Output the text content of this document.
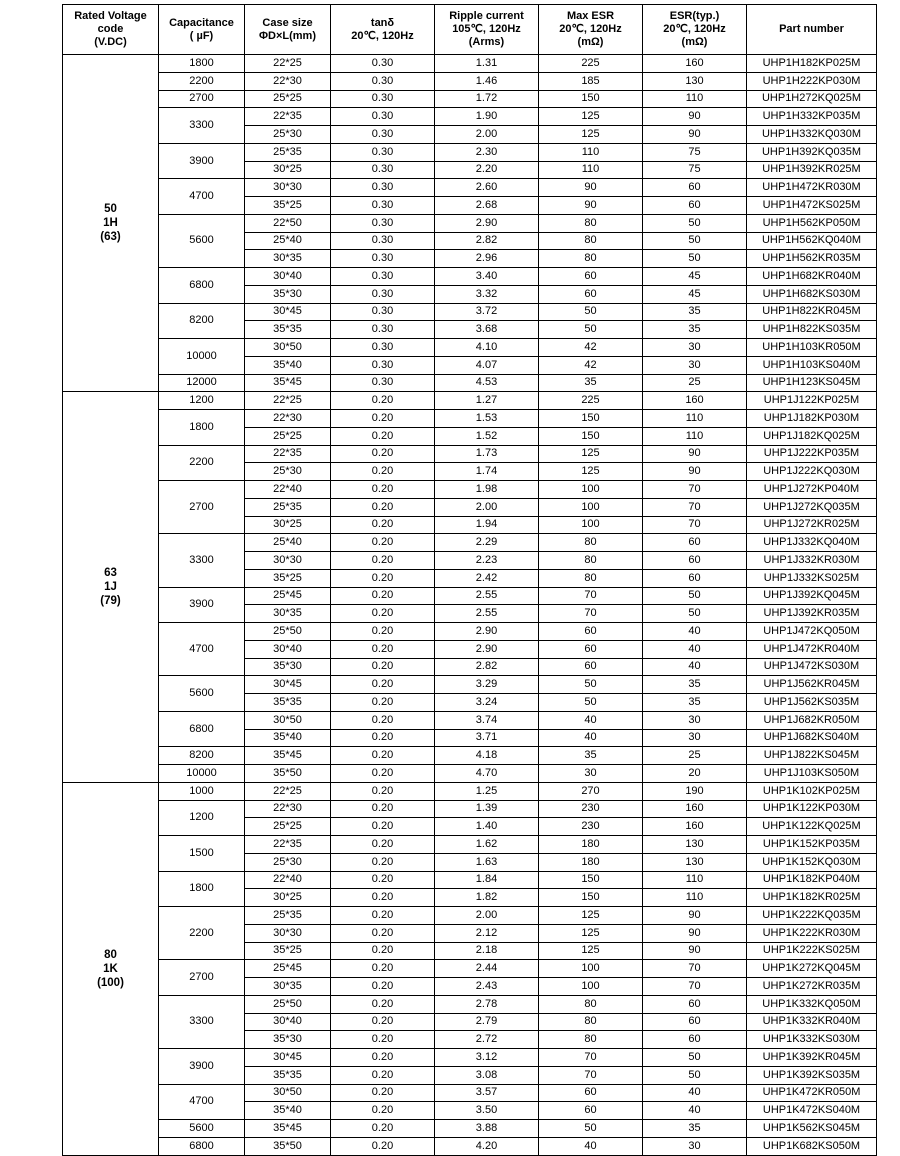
Rated Voltage
code
(V.DC)	Capacitance
( µF)	Case size
ΦD×L(mm)	tanδ
20℃, 120Hz	Ripple current
105℃, 120Hz
(Arms)	Max ESR
20℃, 120Hz
(mΩ)	ESR(typ.)
20℃, 120Hz
(mΩ)	Part number

50
1H
(63)	1800	22*25	0.30	1.31	225	160	UHP1H182KP025M
	2200	22*30	0.30	1.46	185	130	UHP1H222KP030M
	2700	25*25	0.30	1.72	150	110	UHP1H272KQ025M
	3300	22*35	0.30	1.90	125	90	UHP1H332KP035M
		25*30	0.30	2.00	125	90	UHP1H332KQ030M
	3900	25*35	0.30	2.30	110	75	UHP1H392KQ035M
		30*25	0.30	2.20	110	75	UHP1H392KR025M
	4700	30*30	0.30	2.60	90	60	UHP1H472KR030M
		35*25	0.30	2.68	90	60	UHP1H472KS025M
	5600	22*50	0.30	2.90	80	50	UHP1H562KP050M
		25*40	0.30	2.82	80	50	UHP1H562KQ040M
		30*35	0.30	2.96	80	50	UHP1H562KR035M
	6800	30*40	0.30	3.40	60	45	UHP1H682KR040M
		35*30	0.30	3.32	60	45	UHP1H682KS030M
	8200	30*45	0.30	3.72	50	35	UHP1H822KR045M
		35*35	0.30	3.68	50	35	UHP1H822KS035M
	10000	30*50	0.30	4.10	42	30	UHP1H103KR050M
		35*40	0.30	4.07	42	30	UHP1H103KS040M
	12000	35*45	0.30	4.53	35	25	UHP1H123KS045M

63
1J
(79)	1200	22*25	0.20	1.27	225	160	UHP1J122KP025M
	1800	22*30	0.20	1.53	150	110	UHP1J182KP030M
		25*25	0.20	1.52	150	110	UHP1J182KQ025M
	2200	22*35	0.20	1.73	125	90	UHP1J222KP035M
		25*30	0.20	1.74	125	90	UHP1J222KQ030M
	2700	22*40	0.20	1.98	100	70	UHP1J272KP040M
		25*35	0.20	2.00	100	70	UHP1J272KQ035M
		30*25	0.20	1.94	100	70	UHP1J272KR025M
	3300	25*40	0.20	2.29	80	60	UHP1J332KQ040M
		30*30	0.20	2.23	80	60	UHP1J332KR030M
		35*25	0.20	2.42	80	60	UHP1J332KS025M
	3900	25*45	0.20	2.55	70	50	UHP1J392KQ045M
		30*35	0.20	2.55	70	50	UHP1J392KR035M
	4700	25*50	0.20	2.90	60	40	UHP1J472KQ050M
		30*40	0.20	2.90	60	40	UHP1J472KR040M
		35*30	0.20	2.82	60	40	UHP1J472KS030M
	5600	30*45	0.20	3.29	50	35	UHP1J562KR045M
		35*35	0.20	3.24	50	35	UHP1J562KS035M
	6800	30*50	0.20	3.74	40	30	UHP1J682KR050M
		35*40	0.20	3.71	40	30	UHP1J682KS040M
	8200	35*45	0.20	4.18	35	25	UHP1J822KS045M
	10000	35*50	0.20	4.70	30	20	UHP1J103KS050M

80
1K
(100)	1000	22*25	0.20	1.25	270	190	UHP1K102KP025M
	1200	22*30	0.20	1.39	230	160	UHP1K122KP030M
		25*25	0.20	1.40	230	160	UHP1K122KQ025M
	1500	22*35	0.20	1.62	180	130	UHP1K152KP035M
		25*30	0.20	1.63	180	130	UHP1K152KQ030M
	1800	22*40	0.20	1.84	150	110	UHP1K182KP040M
		30*25	0.20	1.82	150	110	UHP1K182KR025M
	2200	25*35	0.20	2.00	125	90	UHP1K222KQ035M
		30*30	0.20	2.12	125	90	UHP1K222KR030M
		35*25	0.20	2.18	125	90	UHP1K222KS025M
	2700	25*45	0.20	2.44	100	70	UHP1K272KQ045M
		30*35	0.20	2.43	100	70	UHP1K272KR035M
	3300	25*50	0.20	2.78	80	60	UHP1K332KQ050M
		30*40	0.20	2.79	80	60	UHP1K332KR040M
		35*30	0.20	2.72	80	60	UHP1K332KS030M
	3900	30*45	0.20	3.12	70	50	UHP1K392KR045M
		35*35	0.20	3.08	70	50	UHP1K392KS035M
	4700	30*50	0.20	3.57	60	40	UHP1K472KR050M
		35*40	0.20	3.50	60	40	UHP1K472KS040M
	5600	35*45	0.20	3.88	50	35	UHP1K562KS045M
	6800	35*50	0.20	4.20	40	30	UHP1K682KS050M
